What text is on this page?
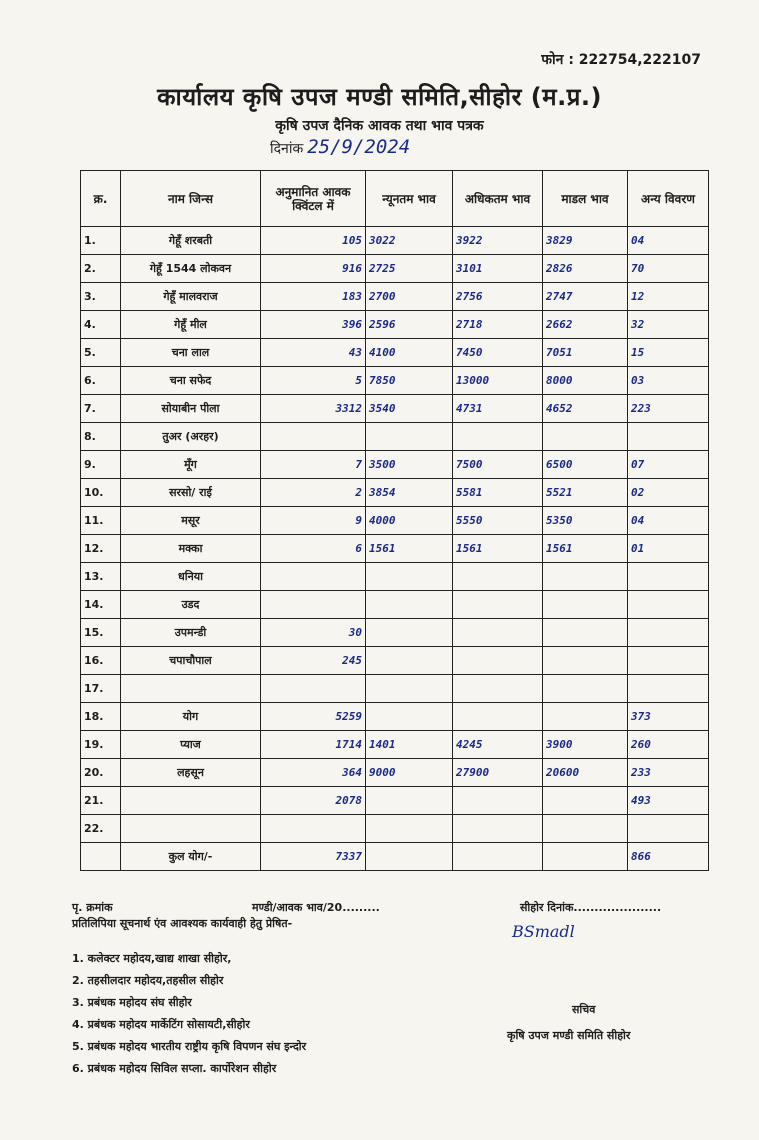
फोन : 222754,222107
कार्यालय कृषि उपज मण्डी समिति,सीहोर (म.प्र.)
कृषि उपज दैनिक आवक तथा भाव पत्रक
दिनांक 25/9/2024
क्र.	नाम जिन्स	अनुमानित आवक क्विंटल में	न्यूनतम भाव	अधिकतम भाव	माडल भाव	अन्य विवरण
1.	गेहूँ शरबती	105	3022	3922	3829	04
2.	गेहूँ 1544 लोकवन	916	2725	3101	2826	70
3.	गेहूँ मालवराज	183	2700	2756	2747	12
4.	गेहूँ मील	396	2596	2718	2662	32
5.	चना लाल	43	4100	7450	7051	15
6.	चना सफेद	5	7850	13000	8000	03
7.	सोयाबीन पीला	3312	3540	4731	4652	223
8.	तुअर (अरहर)					
9.	मूँग	7	3500	7500	6500	07
10.	सरसो/ राई	2	3854	5581	5521	02
11.	मसूर	9	4000	5550	5350	04
12.	मक्का	6	1561	1561	1561	01
13.	धनिया					
14.	उडद					
15.	उपमन्डी	30				
16.	चपाचौपाल	245				
17.						
18.	योग	5259				373
19.	प्याज	1714	1401	4245	3900	260
20.	लहसून	364	9000	27900	20600	233
21.		2078				493
22.						
	कुल योग/-	7337				866
पृ. क्रमांक	मण्डी/आवक भाव/20.........	सीहोर दिनांक.....................
प्रतिलिपिया सूचनार्थ एंव आवश्यक कार्यवाही हेतु प्रेषित-
1. कलेक्टर महोदय,खाद्य शाखा सीहोर,
2. तहसीलदार महोदय,तहसील सीहोर
3. प्रबंधक महोदय संघ सीहोर
4. प्रबंधक महोदय मार्केटिंग सोसायटी,सीहोर
5. प्रबंधक महोदय भारतीय राष्ट्रीय कृषि विपणन संघ इन्दोर
6. प्रबंधक महोदय सिविल सप्ला. कार्पोरेशन सीहोर
BSmadl
सचिव
कृषि उपज मण्डी समिति सीहोर
